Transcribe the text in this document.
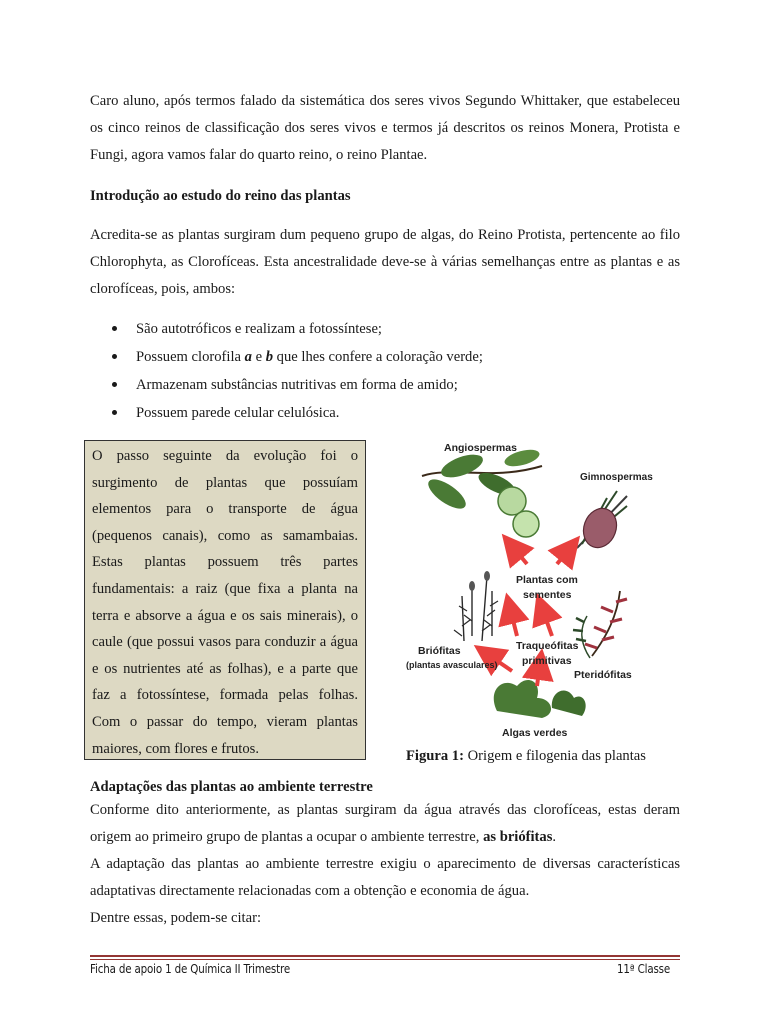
Caro aluno, após termos falado da sistemática dos seres vivos Segundo Whittaker, que estabeleceu os cinco reinos de classificação dos seres vivos e termos já descritos os reinos Monera, Protista e Fungi, agora vamos falar do quarto reino, o reino Plantae.

Introdução ao estudo do reino das plantas

Acredita-se as plantas surgiram dum pequeno grupo de algas, do Reino Protista, pertencente ao filo Chlorophyta, as Clorofíceas. Esta ancestralidade deve-se à várias semelhanças entre as plantas e as clorofíceas, pois, ambos:

São autotróficos e realizam a fotossíntese;
Possuem clorofila a e b que lhes confere a coloração verde;
Armazenam substâncias nutritivas em forma de amido;
Possuem parede celular celulósica.
O passo seguinte da evolução foi o
surgimento de plantas que possuíam
elementos para o transporte de água
(pequenos canais), como as samambaias.
Estas plantas possuem três partes
fundamentais: a raiz (que fixa a planta na
terra e absorve a água e os sais minerais), o
caule (que possui vasos para conduzir a água
e os nutrientes até as folhas), e a parte que
faz a fotossíntese, formada pelas folhas.
Com o passar do tempo, vieram plantas
maiores, com flores e frutos.
Angiospermas
Gimnospermas
Plantas com
sementes
Briófitas
(plantas avasculares)
Traqueófitas
primitivas
Pteridófitas
Algas verdes
Figura 1: Origem e filogenia das plantas
Adaptações das plantas ao ambiente terrestre

Conforme dito anteriormente, as plantas surgiram da água através das clorofíceas, estas deram origem ao primeiro grupo de plantas a ocupar o ambiente terrestre, as briófitas.

A adaptação das plantas ao ambiente terrestre exigiu o aparecimento de diversas características adaptativas directamente relacionadas com a obtenção e economia de água.

Dentre essas, podem-se citar:

Ficha de apoio 1 de Química II Trimestre	11ª Classe
